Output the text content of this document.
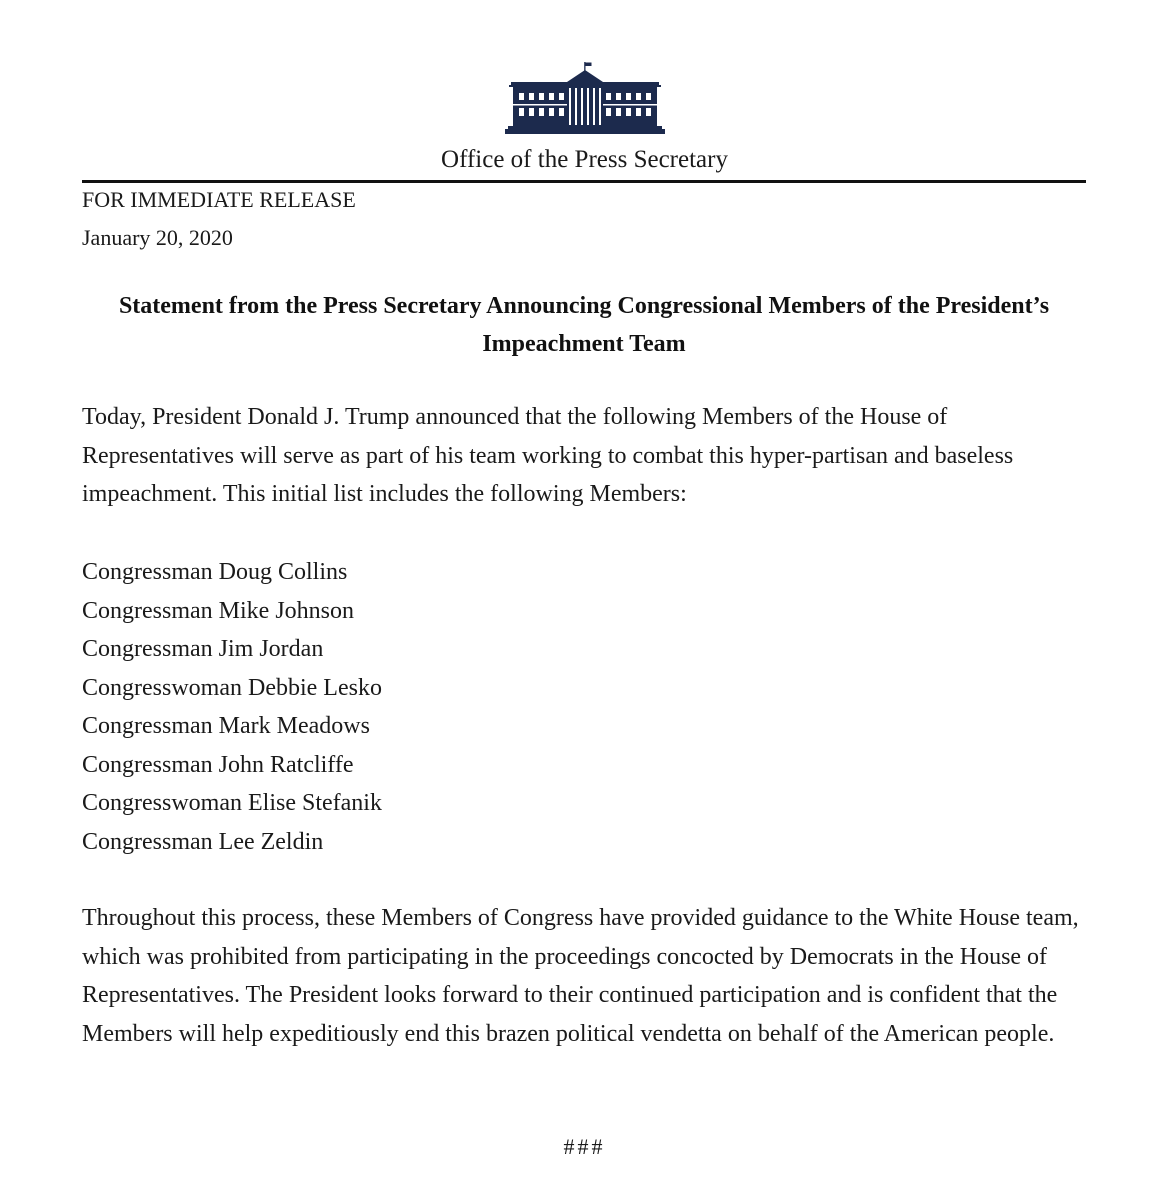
Office of the Press Secretary
FOR IMMEDIATE RELEASE
January 20, 2020
Statement from the Press Secretary Announcing Congressional Members of the President’s Impeachment Team
Today, President Donald J. Trump announced that the following Members of the House of Representatives will serve as part of his team working to combat this hyper-partisan and baseless impeachment. This initial list includes the following Members:
Congressman Doug Collins
Congressman Mike Johnson
Congressman Jim Jordan
Congresswoman Debbie Lesko
Congressman Mark Meadows
Congressman John Ratcliffe
Congresswoman Elise Stefanik
Congressman Lee Zeldin
Throughout this process, these Members of Congress have provided guidance to the White House team, which was prohibited from participating in the proceedings concocted by Democrats in the House of Representatives. The President looks forward to their continued participation and is confident that the Members will help expeditiously end this brazen political vendetta on behalf of the American people.
###
